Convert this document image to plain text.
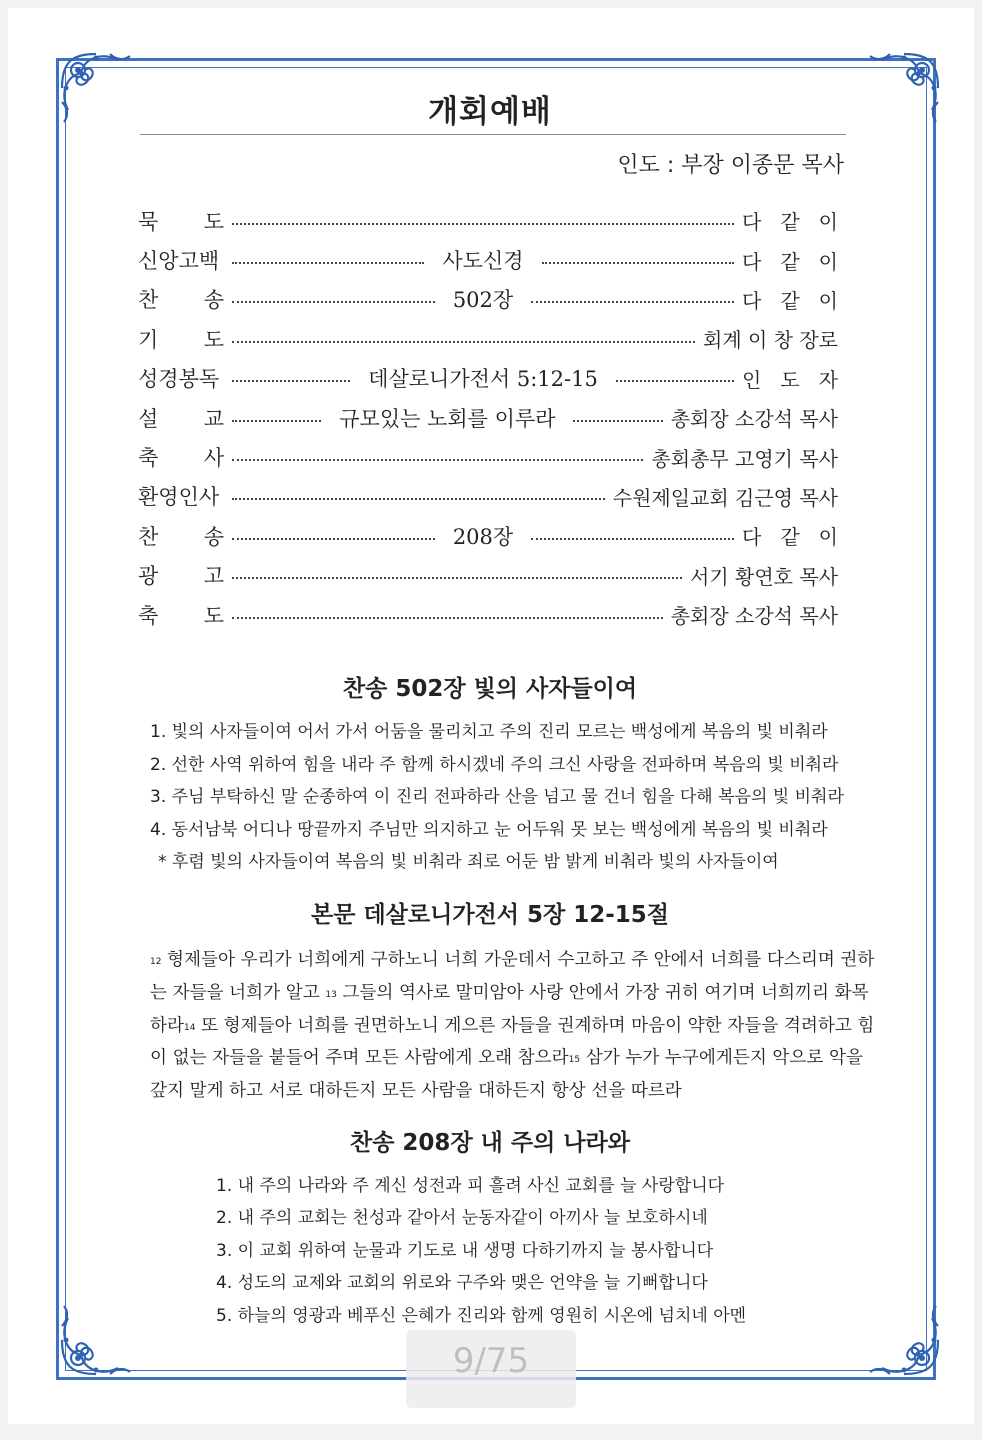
개회예배
인도 : 부장 이종문 목사
묵 도	다 같 이
신앙고백	사도신경	다 같 이
찬 송	502장	다 같 이
기 도	회계 이 창 장로
성경봉독	데살로니가전서 5:12-15	인 도 자
설 교	규모있는 노회를 이루라	총회장 소강석 목사
축 사	총회총무 고영기 목사
환영인사	수원제일교회 김근영 목사
찬 송	208장	다 같 이
광 고	서기 황연호 목사
축 도	총회장 소강석 목사
찬송 502장 빛의 사자들이여
1. 빛의 사자들이여 어서 가서 어둠을 물리치고 주의 진리 모르는 백성에게 복음의 빛 비춰라
2. 선한 사역 위하여 힘을 내라 주 함께 하시겠네 주의 크신 사랑을 전파하며 복음의 빛 비춰라
3. 주님 부탁하신 말 순종하여 이 진리 전파하라 산을 넘고 물 건너 힘을 다해 복음의 빛 비춰라
4. 동서남북 어디나 땅끝까지 주님만 의지하고 눈 어두워 못 보는 백성에게 복음의 빛 비춰라
* 후렴 빛의 사자들이여 복음의 빛 비춰라 죄로 어둔 밤 밝게 비춰라 빛의 사자들이여
본문 데살로니가전서 5장 12-15절
$^{12}$ 형제들아 우리가 너희에게 구하노니 너희 가운데서 수고하고 주 안에서 너희를 다스리며 권하
는 자들을 너희가 알고 $^{13}$ 그들의 역사로 말미암아 사랑 안에서 가장 귀히 여기며 너희끼리 화목
하라$^{14}$ 또 형제들아 너희를 권면하노니 게으른 자들을 권계하며 마음이 약한 자들을 격려하고 힘
이 없는 자들을 붙들어 주며 모든 사람에게 오래 참으라$^{15}$ 삼가 누가 누구에게든지 악으로 악을
갚지 말게 하고 서로 대하든지 모든 사람을 대하든지 항상 선을 따르라
찬송 208장 내 주의 나라와
1. 내 주의 나라와 주 계신 성전과 피 흘려 사신 교회를 늘 사랑합니다
2. 내 주의 교회는 천성과 같아서 눈동자같이 아끼사 늘 보호하시네
3. 이 교회 위하여 눈물과 기도로 내 생명 다하기까지 늘 봉사합니다
4. 성도의 교제와 교회의 위로와 구주와 맺은 언약을 늘 기뻐합니다
5. 하늘의 영광과 베푸신 은혜가 진리와 함께 영원히 시온에 넘치네 아멘
9/75
